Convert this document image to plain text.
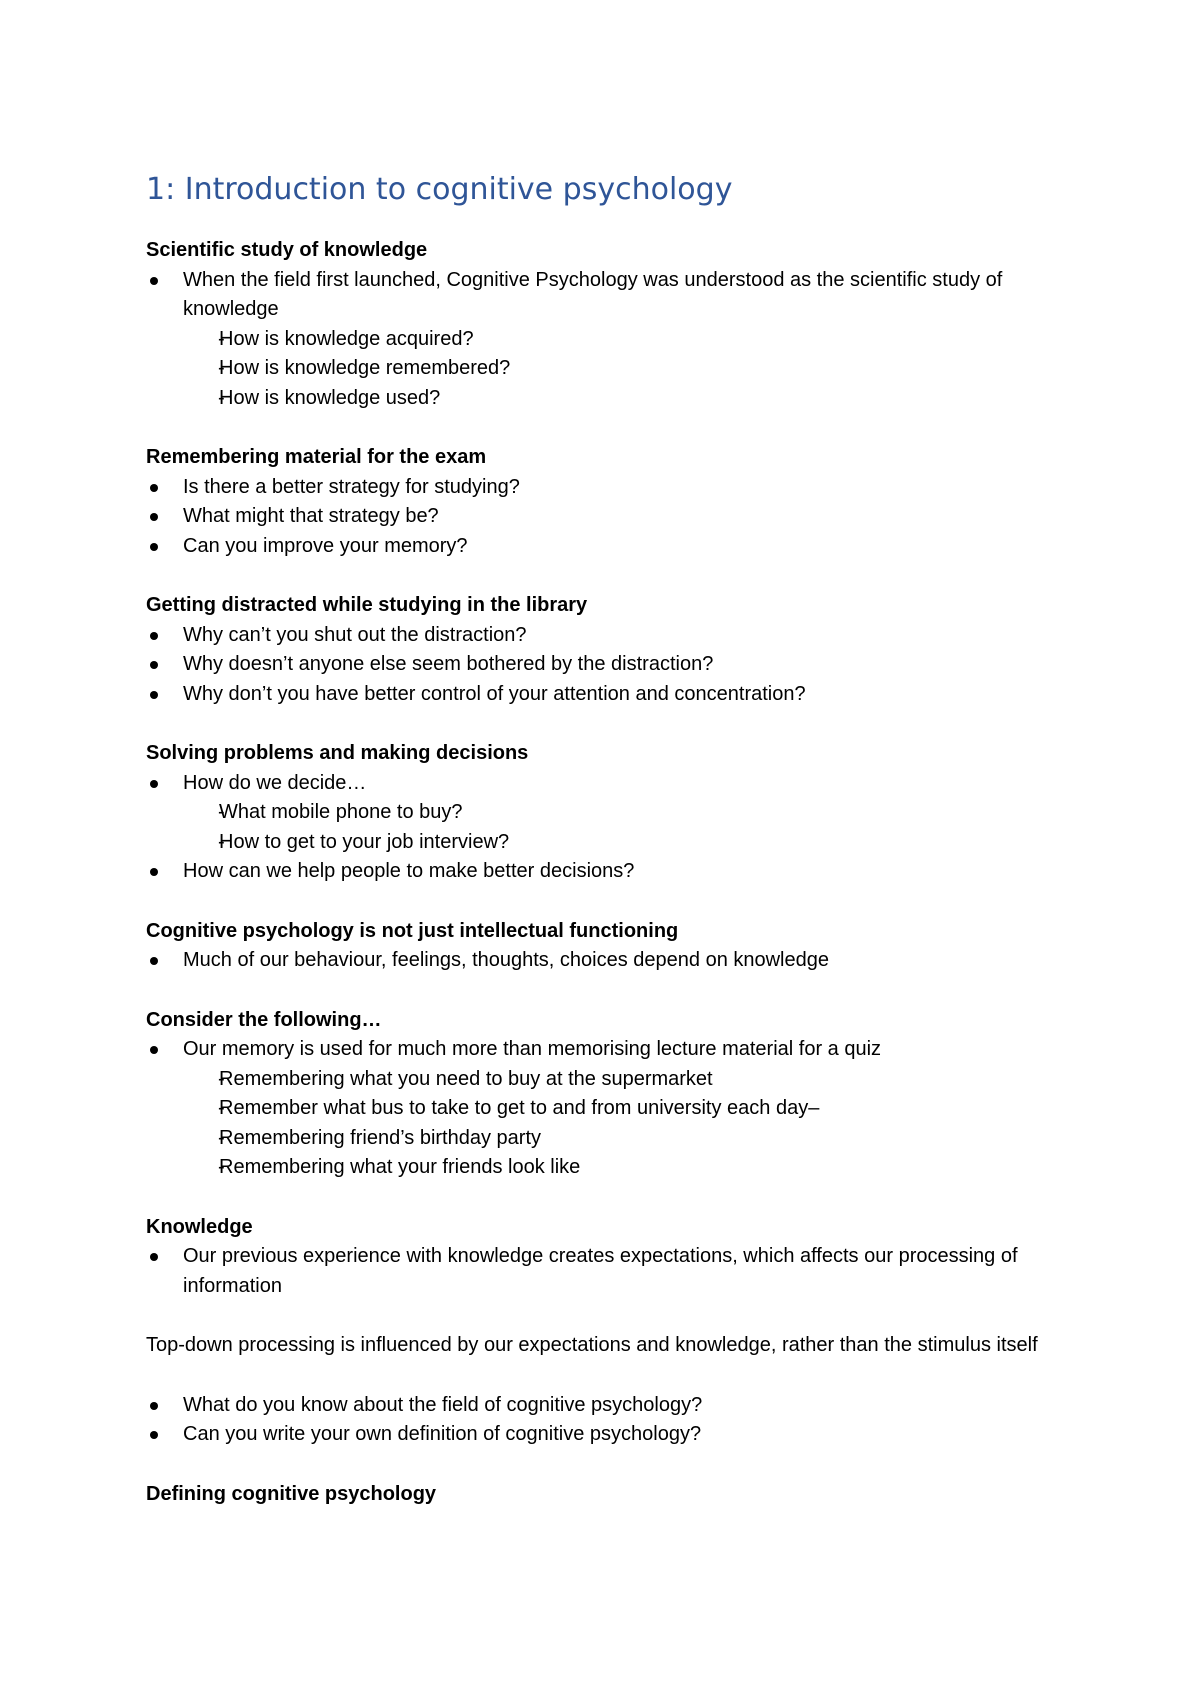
1: Introduction to cognitive psychology

Scientific study of knowledge

When the field first launched, Cognitive Psychology was understood as the scientific study of knowledge
- How is knowledge acquired?
- How is knowledge remembered?
- How is knowledge used?

Remembering material for the exam

Is there a better strategy for studying?
What might that strategy be?
Can you improve your memory?

Getting distracted while studying in the library

Why can’t you shut out the distraction?
Why doesn’t anyone else seem bothered by the distraction?
Why don’t you have better control of your attention and concentration?

Solving problems and making decisions

How do we decide…
- What mobile phone to buy?
- How to get to your job interview?
How can we help people to make better decisions?

Cognitive psychology is not just intellectual functioning

Much of our behaviour, feelings, thoughts, choices depend on knowledge

Consider the following…

Our memory is used for much more than memorising lecture material for a quiz
- Remembering what you need to buy at the supermarket
- Remember what bus to take to get to and from university each day–
- Remembering friend’s birthday party
- Remembering what your friends look like

Knowledge

Our previous experience with knowledge creates expectations, which affects our processing of information

Top-down processing is influenced by our expectations and knowledge, rather than the stimulus itself

What do you know about the field of cognitive psychology?
Can you write your own definition of cognitive psychology?

Defining cognitive psychology
